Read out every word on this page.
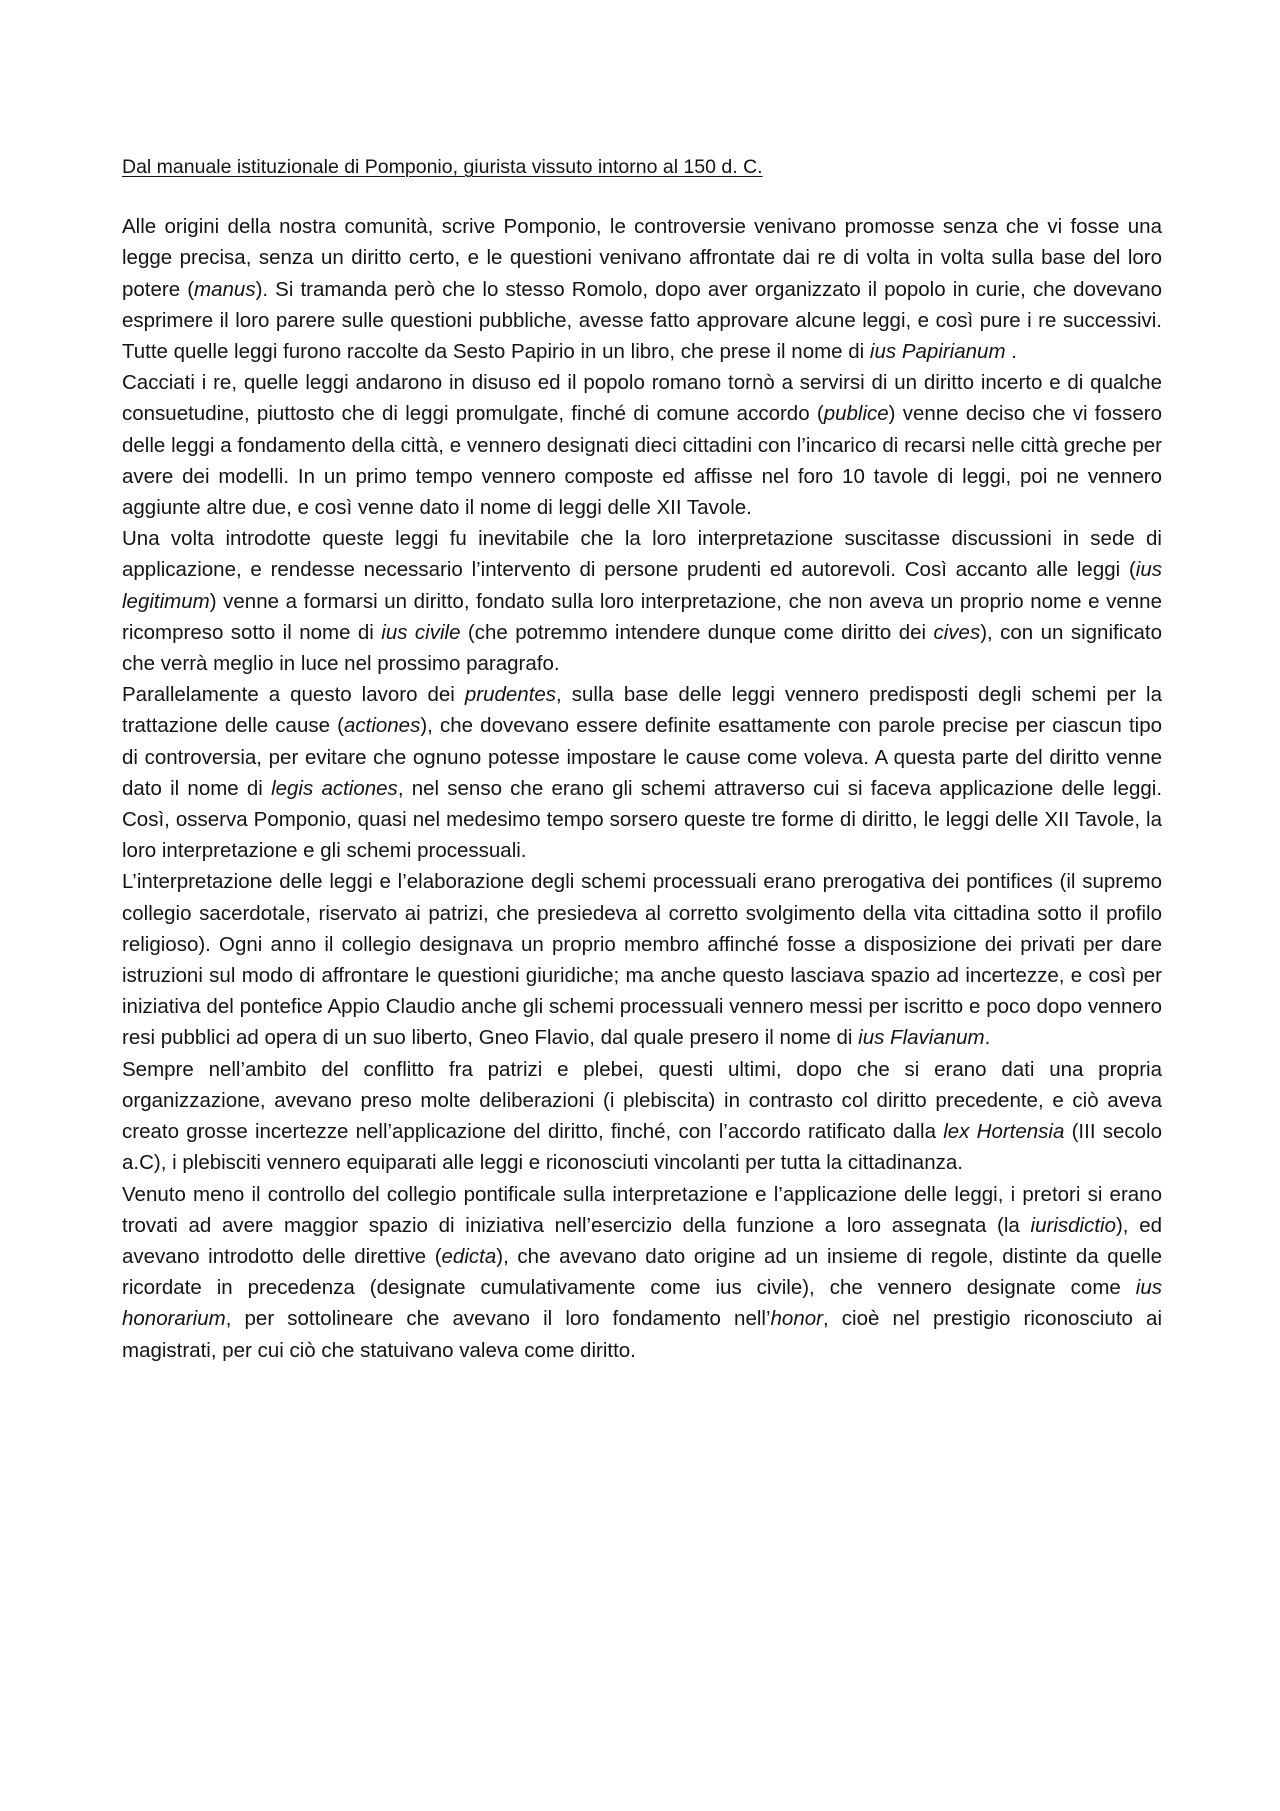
Dal manuale istituzionale di Pomponio, giurista vissuto intorno al 150 d. C.

Alle origini della nostra comunità, scrive Pomponio, le controversie venivano promosse senza che vi fosse una legge precisa, senza un diritto certo, e le questioni venivano affrontate dai re di volta in volta sulla base del loro potere (manus). Si tramanda però che lo stesso Romolo, dopo aver organizzato il popolo in curie, che dovevano esprimere il loro parere sulle questioni pubbliche, avesse fatto approvare alcune leggi, e così pure i re successivi. Tutte quelle leggi furono raccolte da Sesto Papirio in un libro, che prese il nome di ius Papirianum .

Cacciati i re, quelle leggi andarono in disuso ed il popolo romano tornò a servirsi di un diritto incerto e di qualche consuetudine, piuttosto che di leggi promulgate, finché di comune accordo (publice) venne deciso che vi fossero delle leggi a fondamento della città, e vennero designati dieci cittadini con l’incarico di recarsi nelle città greche per avere dei modelli. In un primo tempo vennero composte ed affisse nel foro 10 tavole di leggi, poi ne vennero aggiunte altre due, e così venne dato il nome di leggi delle XII Tavole.

Una volta introdotte queste leggi fu inevitabile che la loro interpretazione suscitasse discussioni in sede di applicazione, e rendesse necessario l’intervento di persone prudenti ed autorevoli. Così accanto alle leggi (ius legitimum) venne a formarsi un diritto, fondato sulla loro interpretazione, che non aveva un proprio nome e venne ricompreso sotto il nome di ius civile (che potremmo intendere dunque come diritto dei cives), con un significato che verrà meglio in luce nel prossimo paragrafo.

Parallelamente a questo lavoro dei prudentes, sulla base delle leggi vennero predisposti degli schemi per la trattazione delle cause (actiones), che dovevano essere definite esattamente con parole precise per ciascun tipo di controversia, per evitare che ognuno potesse impostare le cause come voleva. A questa parte del diritto venne dato il nome di legis actiones, nel senso che erano gli schemi attraverso cui si faceva applicazione delle leggi. Così, osserva Pomponio, quasi nel medesimo tempo sorsero queste tre forme di diritto, le leggi delle XII Tavole, la loro interpretazione e gli schemi processuali.

L’interpretazione delle leggi e l’elaborazione degli schemi processuali erano prerogativa dei pontifices (il supremo collegio sacerdotale, riservato ai patrizi, che presiedeva al corretto svolgimento della vita cittadina sotto il profilo religioso). Ogni anno il collegio designava un proprio membro affinché fosse a disposizione dei privati per dare istruzioni sul modo di affrontare le questioni giuridiche; ma anche questo lasciava spazio ad incertezze, e così per iniziativa del pontefice Appio Claudio anche gli schemi processuali vennero messi per iscritto e poco dopo vennero resi pubblici ad opera di un suo liberto, Gneo Flavio, dal quale presero il nome di ius Flavianum.

Sempre nell’ambito del conflitto fra patrizi e plebei, questi ultimi, dopo che si erano dati una propria organizzazione, avevano preso molte deliberazioni (i plebiscita) in contrasto col diritto precedente, e ciò aveva creato grosse incertezze nell’applicazione del diritto, finché, con l’accordo ratificato dalla lex Hortensia (III secolo a.C), i plebisciti vennero equiparati alle leggi e riconosciuti vincolanti per tutta la cittadinanza.

Venuto meno il controllo del collegio pontificale sulla interpretazione e l’applicazione delle leggi, i pretori si erano trovati ad avere maggior spazio di iniziativa nell’esercizio della funzione a loro assegnata (la iurisdictio), ed avevano introdotto delle direttive (edicta), che avevano dato origine ad un insieme di regole, distinte da quelle ricordate in precedenza (designate cumulativamente come ius civile), che vennero designate come ius honorarium, per sottolineare che avevano il loro fondamento nell’honor, cioè nel prestigio riconosciuto ai magistrati, per cui ciò che statuivano valeva come diritto.
